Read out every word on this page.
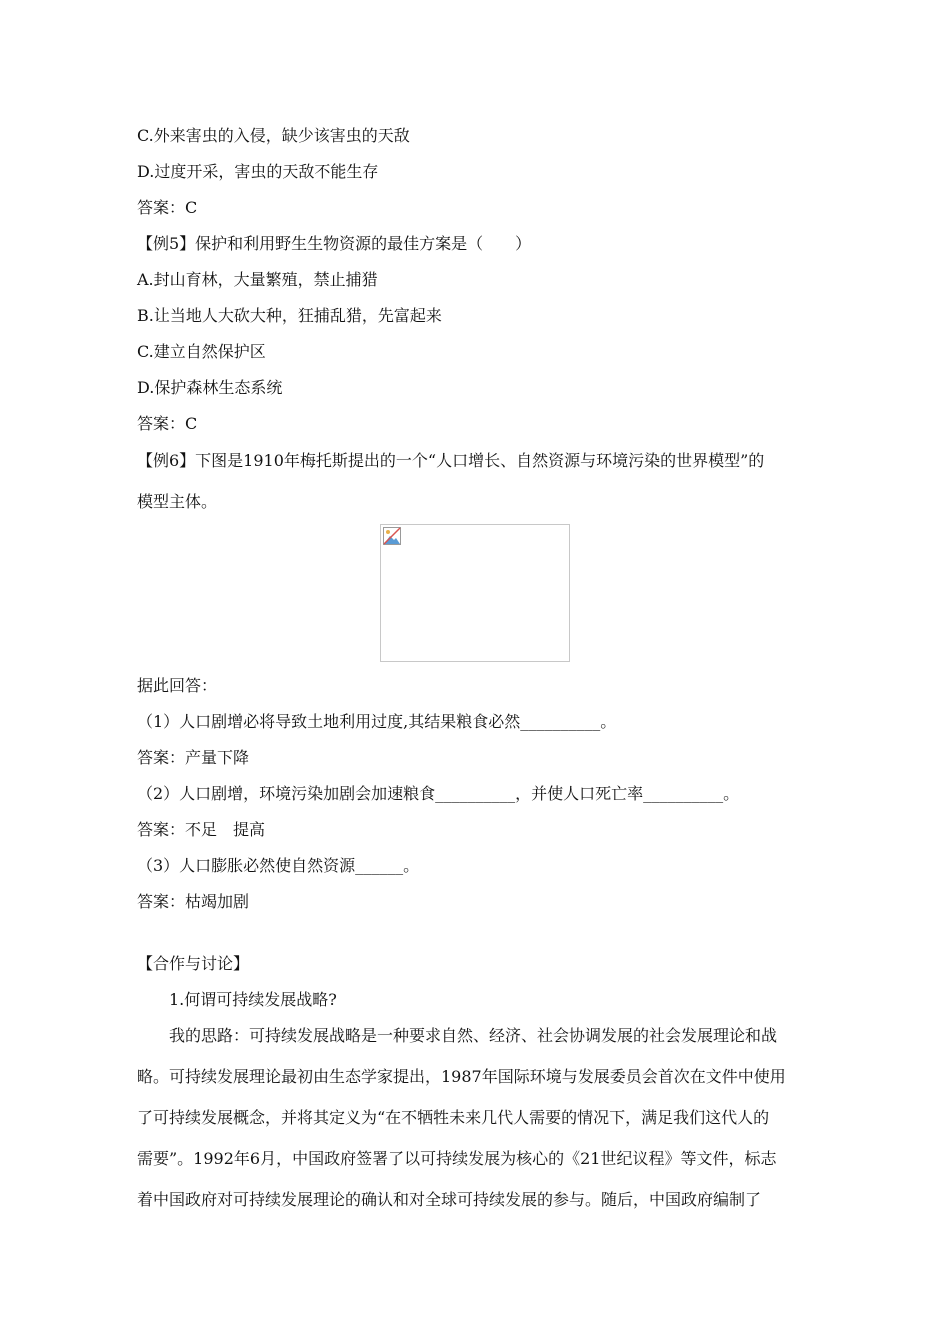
C.外来害虫的入侵，缺少该害虫的天敌
D.过度开采，害虫的天敌不能生存
答案：C
【例5】保护和利用野生生物资源的最佳方案是（　　）
A.封山育林，大量繁殖，禁止捕猎
B.让当地人大砍大种，狂捕乱猎，先富起来
C.建立自然保护区
D.保护森林生态系统
答案：C
【例6】下图是1910年梅托斯提出的一个“人口增长、自然资源与环境污染的世界模型”的
模型主体。
据此回答：
（1）人口剧增必将导致土地利用过度,其结果粮食必然__________。
答案：产量下降
（2）人口剧增，环境污染加剧会加速粮食__________，并使人口死亡率__________。
答案：不足　提高
（3）人口膨胀必然使自然资源______。
答案：枯竭加剧
【合作与讨论】
1.何谓可持续发展战略?
我的思路：可持续发展战略是一种要求自然、经济、社会协调发展的社会发展理论和战
略。可持续发展理论最初由生态学家提出，1987年国际环境与发展委员会首次在文件中使用
了可持续发展概念，并将其定义为“在不牺牲未来几代人需要的情况下，满足我们这代人的
需要”。1992年6月，中国政府签署了以可持续发展为核心的《21世纪议程》等文件，标志
着中国政府对可持续发展理论的确认和对全球可持续发展的参与。随后，中国政府编制了
